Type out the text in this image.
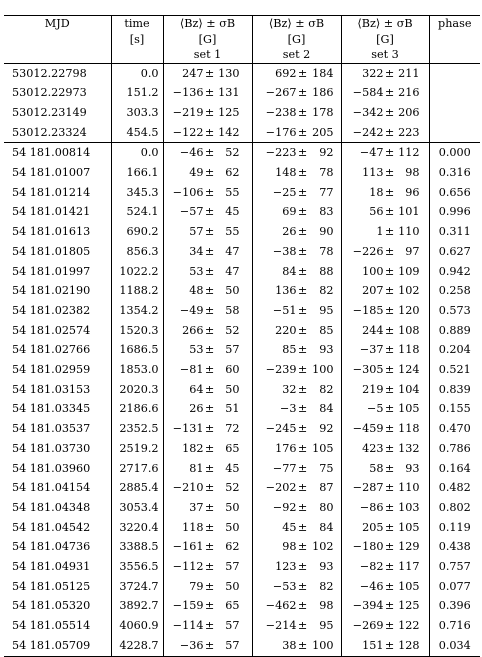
MJD	time	⟨Bz⟩ ± σB	⟨Bz⟩ ± σB	⟨Bz⟩ ± σB	phase
	[s]	[G]	[G]	[G]	
		set 1	set 2	set 3	
53012.22798	0.0	247± 130	692± 184	322± 211	
53012.22973	151.2	−136± 131	−267± 186	−584± 216	
53012.23149	303.3	−219± 125	−238± 178	−342± 206	
53012.23324	454.5	−122± 142	−176± 205	−242± 223	
54 181.00814	0.0	−46± 52	−223± 92	−47± 112	0.000
54 181.01007	166.1	49± 62	148± 78	113± 98	0.316
54 181.01214	345.3	−106± 55	−25± 77	18± 96	0.656
54 181.01421	524.1	−57± 45	69± 83	56± 101	0.996
54 181.01613	690.2	57± 55	26± 90	1± 110	0.311
54 181.01805	856.3	34± 47	−38± 78	−226± 97	0.627
54 181.01997	1022.2	53± 47	84± 88	100± 109	0.942
54 181.02190	1188.2	48± 50	136± 82	207± 102	0.258
54 181.02382	1354.2	−49± 58	−51± 95	−185± 120	0.573
54 181.02574	1520.3	266± 52	220± 85	244± 108	0.889
54 181.02766	1686.5	53± 57	85± 93	−37± 118	0.204
54 181.02959	1853.0	−81± 60	−239± 100	−305± 124	0.521
54 181.03153	2020.3	64± 50	32± 82	219± 104	0.839
54 181.03345	2186.6	26± 51	−3± 84	−5± 105	0.155
54 181.03537	2352.5	−131± 72	−245± 92	−459± 118	0.470
54 181.03730	2519.2	182± 65	176± 105	423± 132	0.786
54 181.03960	2717.6	81± 45	−77± 75	58± 93	0.164
54 181.04154	2885.4	−210± 52	−202± 87	−287± 110	0.482
54 181.04348	3053.4	37± 50	−92± 80	−86± 103	0.802
54 181.04542	3220.4	118± 50	45± 84	205± 105	0.119
54 181.04736	3388.5	−161± 62	98± 102	−180± 129	0.438
54 181.04931	3556.5	−112± 57	123± 93	−82± 117	0.757
54 181.05125	3724.7	79± 50	−53± 82	−46± 105	0.077
54 181.05320	3892.7	−159± 65	−462± 98	−394± 125	0.396
54 181.05514	4060.9	−114± 57	−214± 95	−269± 122	0.716
54 181.05709	4228.7	−36± 57	38± 100	151± 128	0.034
